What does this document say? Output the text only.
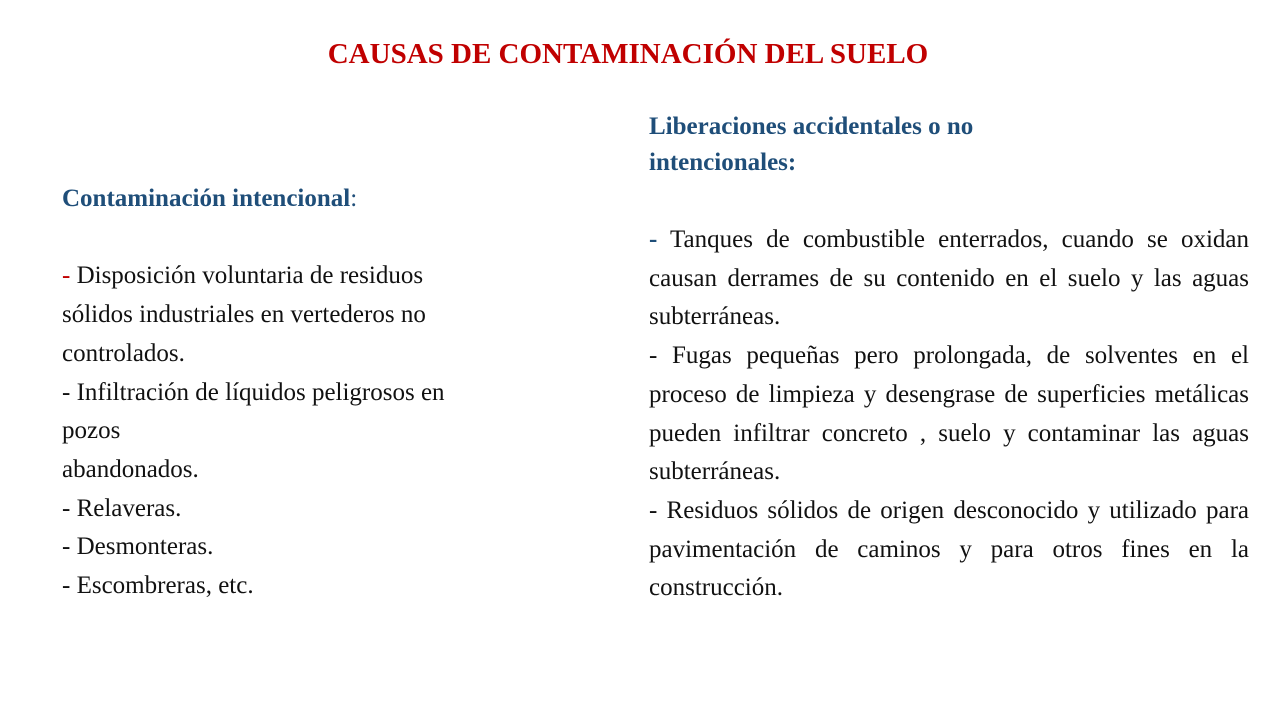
CAUSAS DE CONTAMINACIÓN DEL SUELO
Contaminación intencional:
- Disposición voluntaria de residuos
sólidos industriales en vertederos no
controlados.
- Infiltración de líquidos peligrosos en
pozos
abandonados.
- Relaveras.
- Desmonteras.
- Escombreras, etc.
Liberaciones accidentales o no
intencionales:
- Tanques de combustible enterrados, cuando se oxidan causan derrames de su contenido en el suelo y las aguas subterráneas.
- Fugas pequeñas pero prolongada, de solventes en el proceso de limpieza y desengrase de superficies metálicas pueden infiltrar concreto , suelo y contaminar las aguas subterráneas.
- Residuos sólidos de origen desconocido y utilizado para pavimentación de caminos y para otros fines en la construcción.
